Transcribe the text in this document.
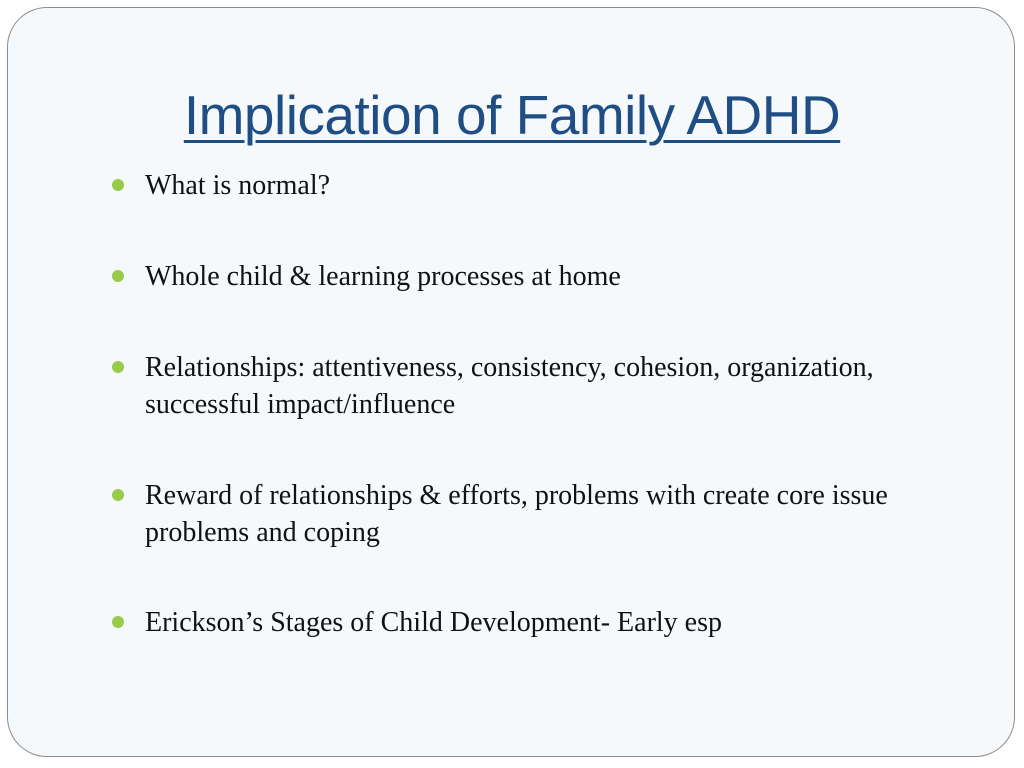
Implication of Family ADHD
What is normal?
Whole child & learning processes at home
Relationships: attentiveness, consistency, cohesion, organization, successful impact/influence
Reward of relationships & efforts, problems with create core issue problems and coping
Erickson’s Stages of Child Development- Early esp
